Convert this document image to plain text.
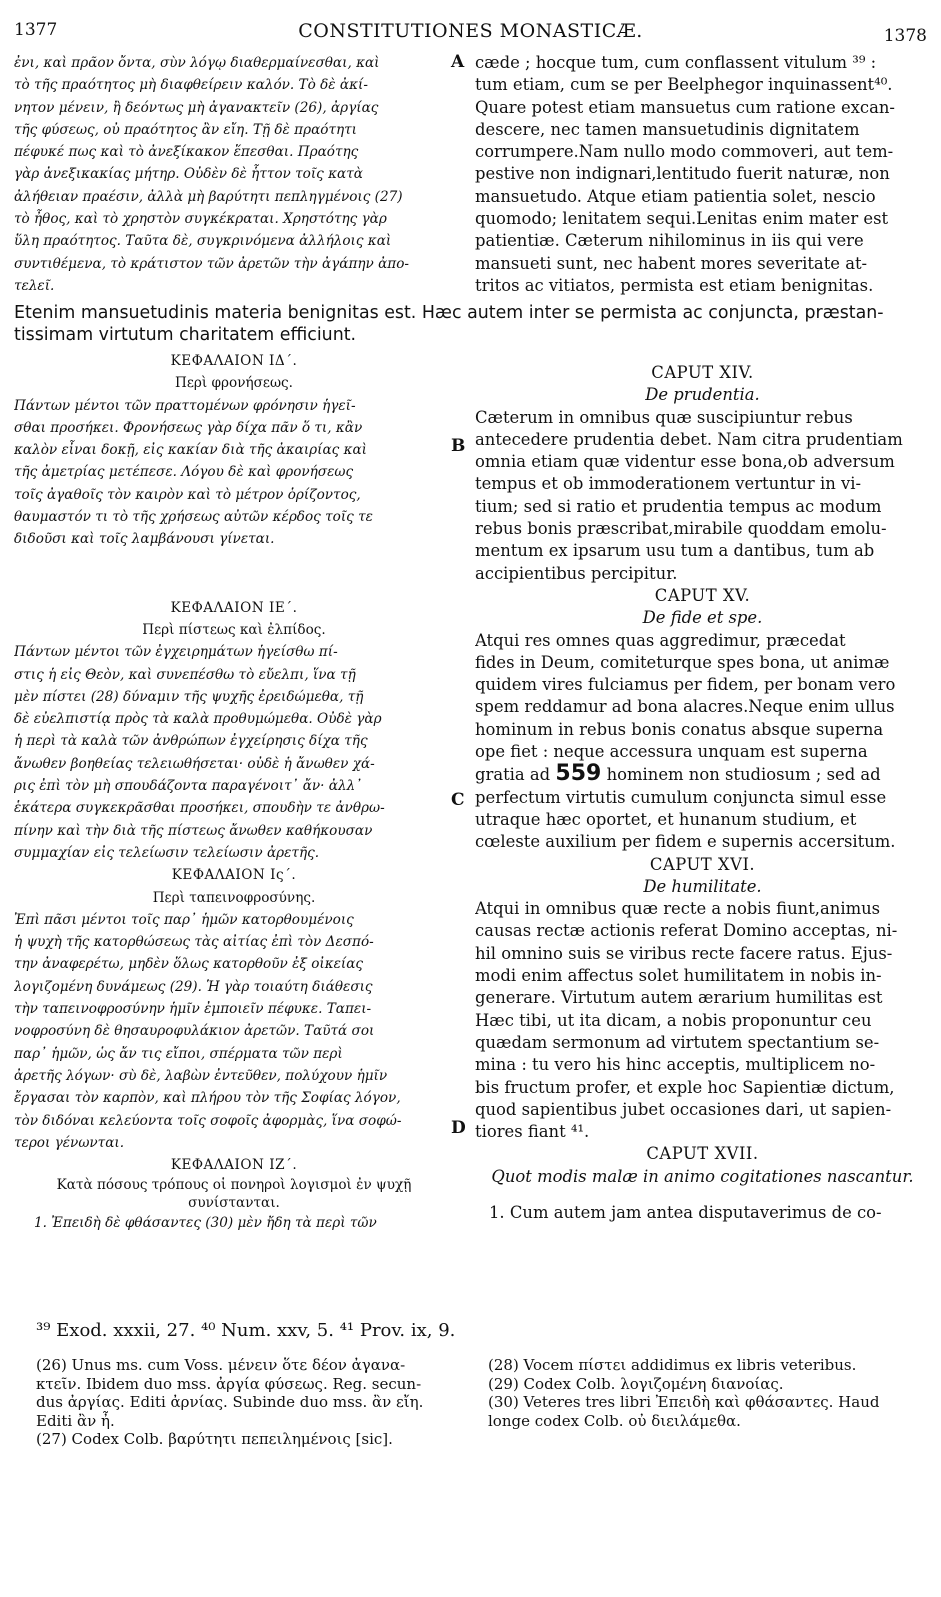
1377	CONSTITUTIONES MONASTICÆ.	1378
ἐνι, καὶ πρᾶον ὄντα, σὺν λόγῳ διαθερμαίνεσθαι, καὶ
τὸ τῆς πραότητος μὴ διαφθείρειν καλόν. Τὸ δὲ ἀκί-
νητον μένειν, ἢ δεόντως μὴ ἀγανακτεῖν (26), ἀργίας
τῆς φύσεως, οὐ πραότητος ἂν εἴη. Τῇ δὲ πραότητι
πέφυκέ πως καὶ τὸ ἀνεξίκακον ἕπεσθαι. Πραότης
γὰρ ἀνεξικακίας μήτηρ. Οὐδὲν δὲ ἧττον τοῖς κατὰ
ἀλήθειαν πραέσιν, ἀλλὰ μὴ βαρύτητι πεπληγμένοις (27)
τὸ ἦθος, καὶ τὸ χρηστὸν συγκέκραται. Χρηστότης γὰρ
ὕλη πραότητος. Ταῦτα δὲ, συγκρινόμενα ἀλλήλοις καὶ
συντιθέμενα, τὸ κράτιστον τῶν ἀρετῶν τὴν ἀγάπην ἀπο-
τελεῖ.
cæde ; hocque tum, cum conflassent vitulum ³⁹ :
tum etiam, cum se per Beelphegor inquinassent⁴⁰.
Quare potest etiam mansuetus cum ratione excan-
descere, nec tamen mansuetudinis dignitatem
corrumpere.Nam nullo modo commoveri, aut tem-
pestive non indignari,lentitudo fuerit naturæ, non
mansuetudo. Atque etiam patientia solet, nescio
quomodo; lenitatem sequi.Lenitas enim mater est
patientiæ. Cæterum nihilominus in iis qui vere
mansueti sunt, nec habent mores severitate at-
tritos ac vitiatos, permista est etiam benignitas.
A
Etenim mansuetudinis materia benignitas est. Hæc autem inter se permista ac conjuncta, præstan-
tissimam virtutum charitatem efficiunt.
ΚΕΦΑΛΑΙΟΝ ΙΔ΄.
Περὶ φρονήσεως.
Πάντων μέντοι τῶν πραττομένων φρόνησιν ἡγεῖ-
σθαι προσήκει. Φρονήσεως γὰρ δίχα πᾶν ὅ τι, κἂν
καλὸν εἶναι δοκῇ, εἰς κακίαν διὰ τῆς ἀκαιρίας καὶ
τῆς ἀμετρίας μετέπεσε. Λόγου δὲ καὶ φρονήσεως
τοῖς ἀγαθοῖς τὸν καιρὸν καὶ τὸ μέτρον ὁρίζοντος,
θαυμαστόν τι τὸ τῆς χρήσεως αὐτῶν κέρδος τοῖς τε
διδοῦσι καὶ τοῖς λαμβάνουσι γίνεται.
ΚΕΦΑΛΑΙΟΝ ΙΕ΄.
Περὶ πίστεως καὶ ἐλπίδος.
Πάντων μέντοι τῶν ἐγχειρημάτων ἡγείσθω πί-
στις ἡ εἰς Θεὸν, καὶ συνεπέσθω τὸ εὔελπι, ἵνα τῇ
μὲν πίστει (28) δύναμιν τῆς ψυχῆς ἐρειδώμεθα, τῇ
δὲ εὐελπιστίᾳ πρὸς τὰ καλὰ προθυμώμεθα. Οὐδὲ γὰρ
ἡ περὶ τὰ καλὰ τῶν ἀνθρώπων ἐγχείρησις δίχα τῆς
ἄνωθεν βοηθείας τελειωθήσεται· οὐδὲ ἡ ἄνωθεν χά-
ρις ἐπὶ τὸν μὴ σπουδάζοντα παραγένοιτ᾽ ἄν· ἀλλ᾽
ἑκάτερα συγκεκρᾶσθαι προσήκει, σπουδὴν τε ἀνθρω-
πίνην καὶ τὴν διὰ τῆς πίστεως ἄνωθεν καθήκουσαν
συμμαχίαν εἰς τελείωσιν τελείωσιν ἀρετῆς.
ΚΕΦΑΛΑΙΟΝ Ις΄.
Περὶ ταπεινοφροσύνης.
Ἐπὶ πᾶσι μέντοι τοῖς παρ᾽ ἡμῶν κατορθουμένοις
ἡ ψυχὴ τῆς κατορθώσεως τὰς αἰτίας ἐπὶ τὸν Δεσπό-
την ἀναφερέτω, μηδὲν ὅλως κατορθοῦν ἐξ οἰκείας
λογιζομένη δυνάμεως (29). Ἡ γὰρ τοιαύτη διάθεσις
τὴν ταπεινοφροσύνην ἡμῖν ἐμποιεῖν πέφυκε. Ταπει-
νοφροσύνη δὲ θησαυροφυλάκιον ἀρετῶν. Ταῦτά σοι
παρ᾽ ἡμῶν, ὡς ἄν τις εἴποι, σπέρματα τῶν περὶ
ἀρετῆς λόγων· σὺ δὲ, λαβὼν ἐντεῦθεν, πολύχουν ἡμῖν
ἔργασαι τὸν καρπὸν, καὶ πλήρου τὸν τῆς Σοφίας λόγον,
τὸν διδόναι κελεύοντα τοῖς σοφοῖς ἀφορμὰς, ἵνα σοφώ-
τεροι γένωνται.
ΚΕΦΑΛΑΙΟΝ ΙΖ΄.
Κατὰ πόσους τρόπους οἱ πονηροὶ λογισμοὶ ἐν ψυχῇ συνίστανται.
1. Ἐπειδὴ δὲ φθάσαντες (30) μὲν ἤδη τὰ περὶ τῶν
CAPUT XIV.
De prudentia.
Cæterum in omnibus quæ suscipiuntur rebus
antecedere prudentia debet. Nam citra prudentiam
omnia etiam quæ videntur esse bona,ob adversum
tempus et ob immoderationem vertuntur in vi-
tium; sed si ratio et prudentia tempus ac modum
rebus bonis præscribat,mirabile quoddam emolu-
mentum ex ipsarum usu tum a dantibus, tum ab
accipientibus percipitur.
CAPUT XV.
De fide et spe.
Atqui res omnes quas aggredimur, præcedat
fides in Deum, comiteturque spes bona, ut animæ
quidem vires fulciamus per fidem, per bonam vero
spem reddamur ad bona alacres.Neque enim ullus
hominum in rebus bonis conatus absque superna
ope fiet : neque accessura unquam est superna
gratia ad 559 hominem non studiosum ; sed ad
perfectum virtutis cumulum conjuncta simul esse
utraque hæc oportet, et hunanum studium, et
cœleste auxilium per fidem e supernis accersitum.
CAPUT XVI.
De humilitate.
Atqui in omnibus quæ recte a nobis fiunt,animus
causas rectæ actionis referat Domino acceptas, ni-
hil omnino suis se viribus recte facere ratus. Ejus-
modi enim affectus solet humilitatem in nobis in-
generare. Virtutum autem ærarium humilitas est
Hæc tibi, ut ita dicam, a nobis proponuntur ceu
quædam sermonum ad virtutem spectantium se-
mina : tu vero his hinc acceptis, multiplicem no-
bis fructum profer, et exple hoc Sapientiæ dictum,
quod sapientibus jubet occasiones dari, ut sapien-
tiores fiant ⁴¹.
CAPUT XVII.
Quot modis malæ in animo cogitationes nascantur.
1. Cum autem jam antea disputaverimus de co-
B
C
D
³⁹ Exod. xxxii, 27. ⁴⁰ Num. xxv, 5. ⁴¹ Prov. ix, 9.
(26) Unus ms. cum Voss. μένειν ὅτε δέον ἀγανα-
κτεῖν. Ibidem duo mss. ἀργία φύσεως. Reg. secun-
dus ἀργίας. Editi ἀρνίας. Subinde duo mss. ἂν εἴη.
Editi ἂν ἦ.
(27) Codex Colb. βαρύτητι πεπειλημένοις [sic].
(28) Vocem πίστει addidimus ex libris veteribus.
(29) Codex Colb. λογιζομένη διανοίας.
(30) Veteres tres libri Ἐπειδὴ καὶ φθάσαντες. Haud
longe codex Colb. οὐ διειλάμεθα.
